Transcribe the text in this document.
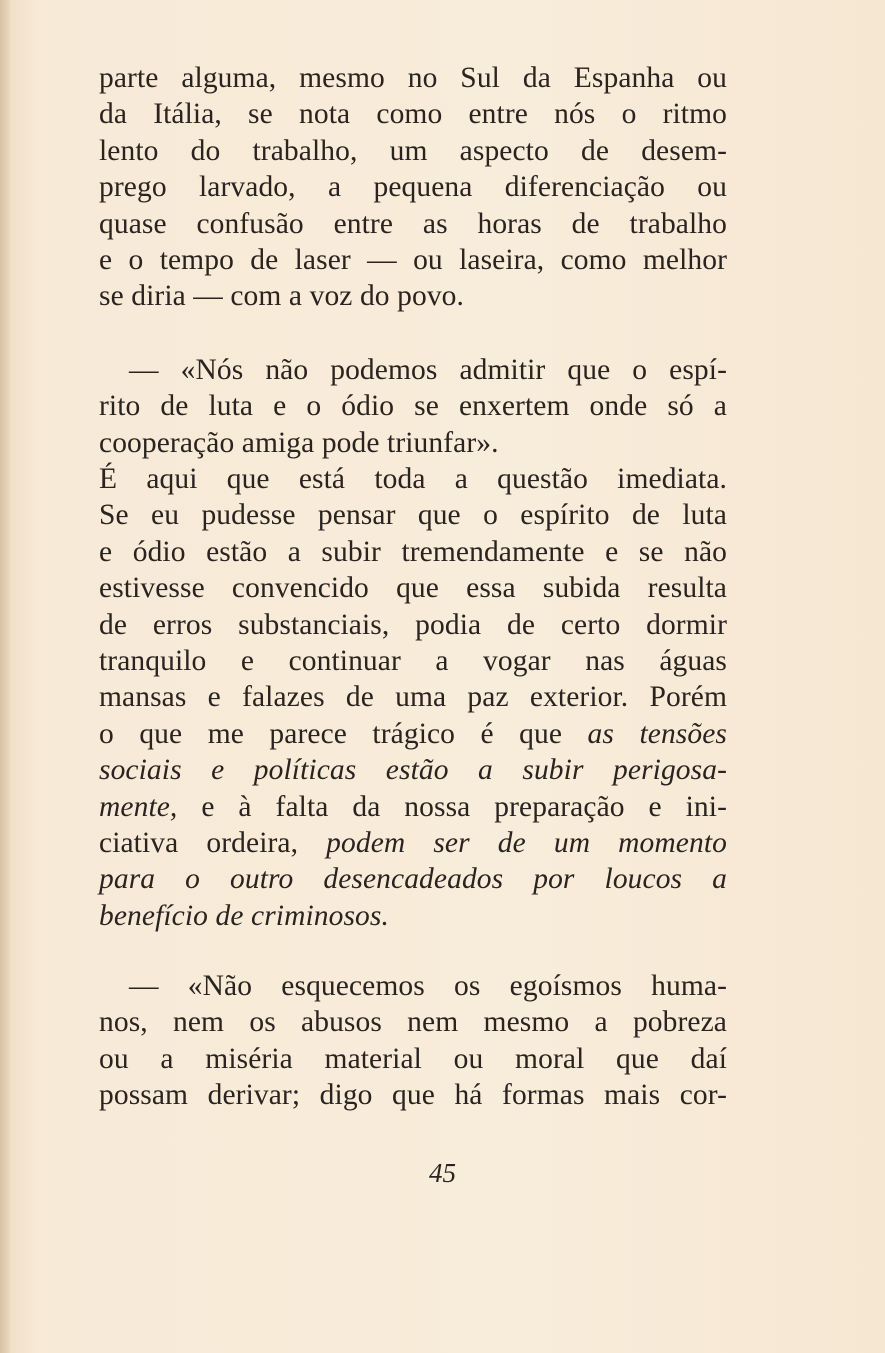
parte alguma, mesmo no Sul da Espanha ou
da Itália, se nota como entre nós o ritmo
lento do trabalho, um aspecto de desem-
prego larvado, a pequena diferenciação ou
quase confusão entre as horas de trabalho
e o tempo de laser — ou laseira, como melhor
se diria — com a voz do povo.
— «Nós não podemos admitir que o espí-
rito de luta e o ódio se enxertem onde só a
cooperação amiga pode triunfar».
É aqui que está toda a questão imediata.
Se eu pudesse pensar que o espírito de luta
e ódio estão a subir tremendamente e se não
estivesse convencido que essa subida resulta
de erros substanciais, podia de certo dormir
tranquilo e continuar a vogar nas águas
mansas e falazes de uma paz exterior. Porém
o que me parece trágico é que as tensões
sociais e políticas estão a subir perigosa-
mente, e à falta da nossa preparação e ini-
ciativa ordeira, podem ser de um momento
para o outro desencadeados por loucos a
benefício de criminosos.
— «Não esquecemos os egoísmos huma-
nos, nem os abusos nem mesmo a pobreza
ou a miséria material ou moral que daí
possam derivar; digo que há formas mais cor-
45
